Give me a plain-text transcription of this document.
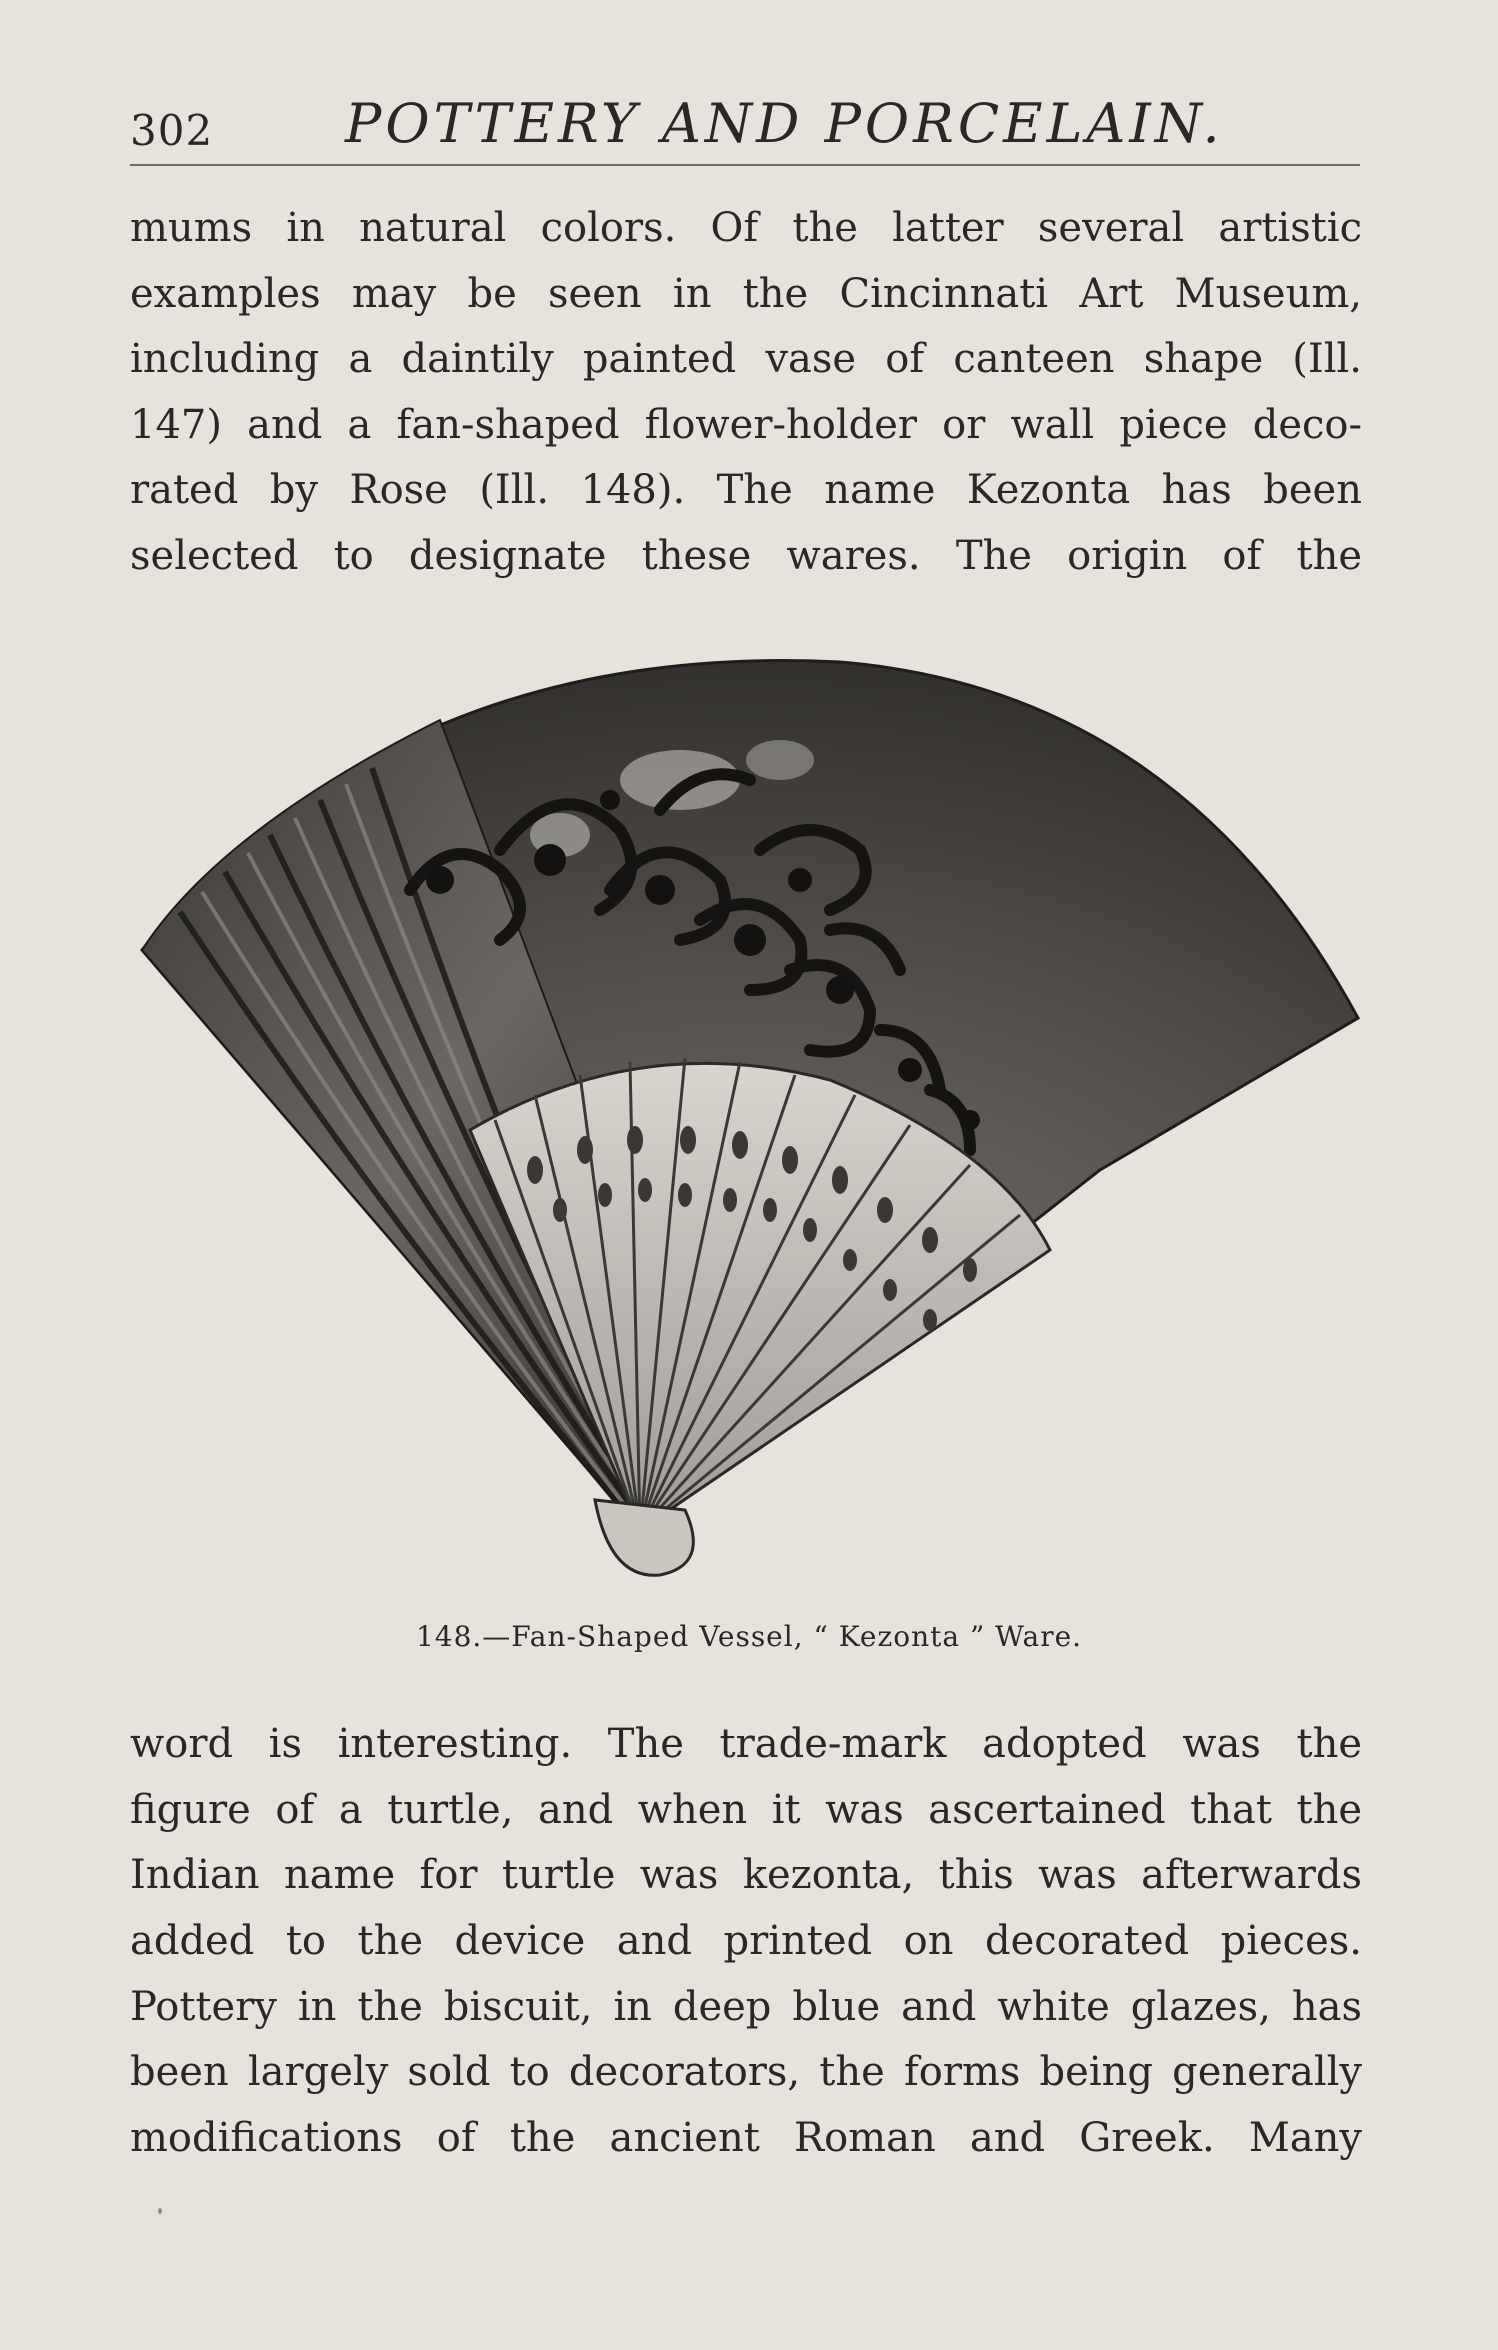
302 POTTERY AND PORCELAIN.
mums in natural colors. Of the latter several artistic
examples may be seen in the Cincinnati Art Museum,
including a daintily painted vase of canteen shape (Ill.
147) and a fan-shaped flower-holder or wall piece deco-
rated by Rose (Ill. 148). The name Kezonta has been
selected to designate these wares. The origin of the
148.—Fan-Shaped Vessel, “ Kezonta ” Ware.
word is interesting. The trade-mark adopted was the
figure of a turtle, and when it was ascertained that the
Indian name for turtle was kezonta, this was afterwards
added to the device and printed on decorated pieces.
Pottery in the biscuit, in deep blue and white glazes, has
been largely sold to decorators, the forms being generally
modifications of the ancient Roman and Greek. Many
